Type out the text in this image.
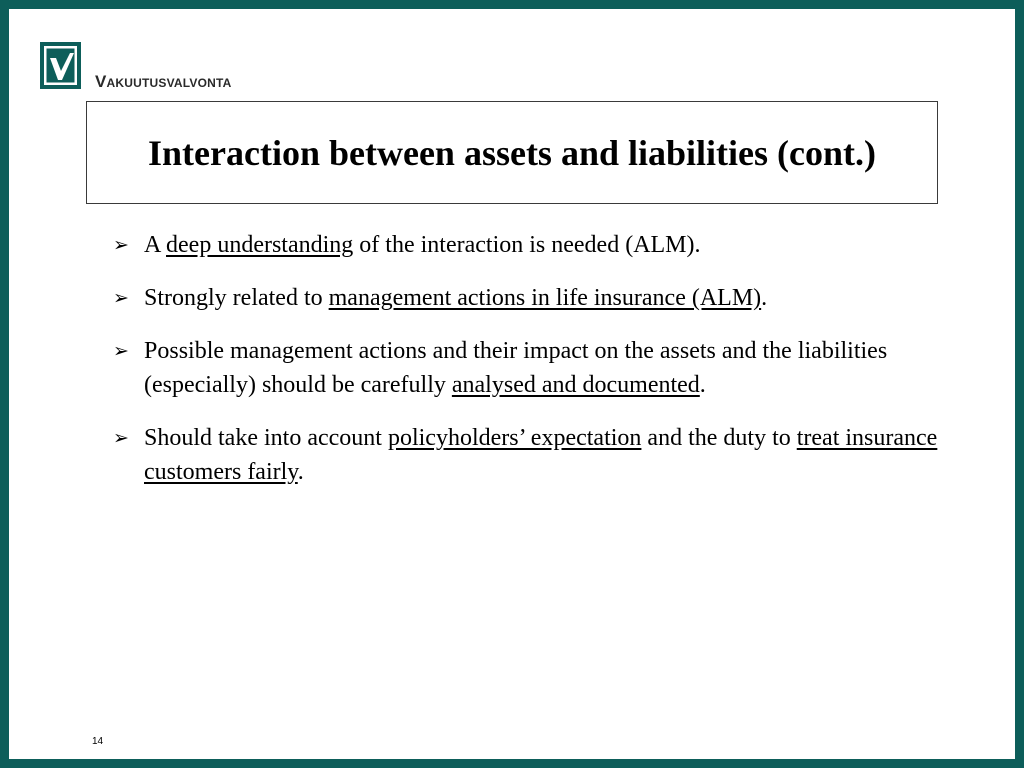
Vakuutusvalvonta
Interaction between assets and liabilities (cont.)
➢ A deep understanding of the interaction is needed (ALM).
➢ Strongly related to management actions in life insurance (ALM).
➢ Possible management actions and their impact on the assets and the liabilities (especially) should be carefully analysed and documented.
➢ Should take into account policyholders’ expectation and the duty to treat insurance customers fairly.
14
